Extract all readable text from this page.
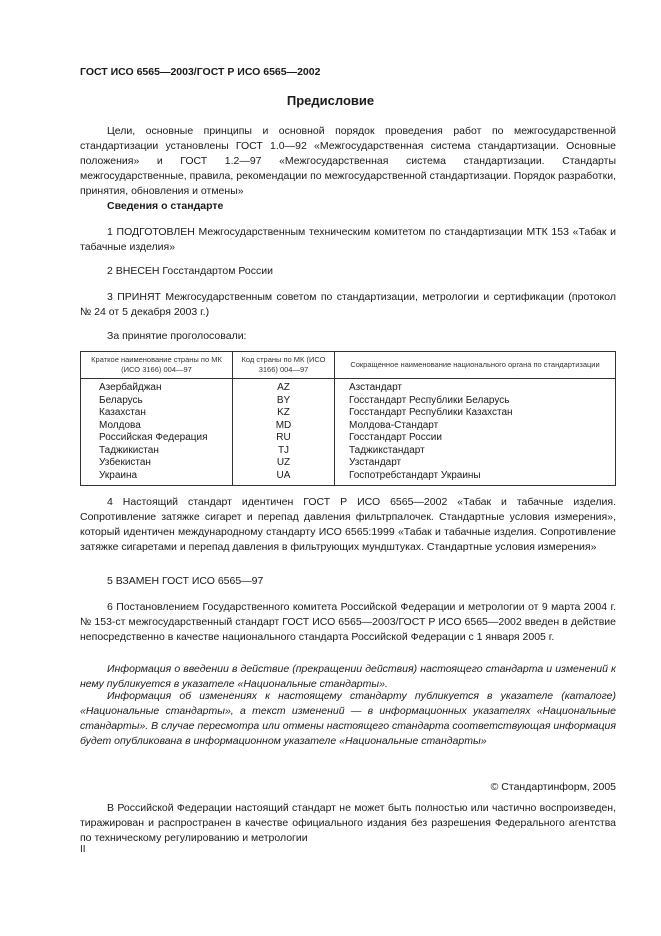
ГОСТ ИСО 6565—2003/ГОСТ Р ИСО 6565—2002
Предисловие

Цели, основные принципы и основной порядок проведения работ по межгосударственной стандартизации установлены ГОСТ 1.0—92 «Межгосударственная система стандартизации. Основные положения» и ГОСТ 1.2—97 «Межгосударственная система стандартизации. Стандарты межгосударственные, правила, рекомендации по межгосударственной стандартизации. Порядок разработки, принятия, обновления и отмены»

Сведения о стандарте

1 ПОДГОТОВЛЕН Межгосударственным техническим комитетом по стандартизации МТК 153 «Табак и табачные изделия»

2 ВНЕСЕН Госстандартом России

3 ПРИНЯТ Межгосударственным советом по стандартизации, метрологии и сертификации (протокол № 24 от 5 декабря 2003 г.)

За принятие проголосовали:

Краткое наименование страны по МК (ИСО 3166) 004—97	Код страны по МК (ИСО 3166) 004—97	Сокращенное наименование национального органа по стандартизации
Азербайджан	AZ	Азстандарт
Беларусь	BY	Госстандарт Республики Беларусь
Казахстан	KZ	Госстандарт Республики Казахстан
Молдова	MD	Молдова-Стандарт
Российская Федерация	RU	Госстандарт России
Таджикистан	TJ	Таджикстандарт
Узбекистан	UZ	Узстандарт
Украина	UA	Госпотребстандарт Украины

4 Настоящий стандарт идентичен ГОСТ Р ИСО 6565—2002 «Табак и табачные изделия. Сопротивление затяжке сигарет и перепад давления фильтрпалочек. Стандартные условия измерения», который идентичен международному стандарту ИСО 6565:1999 «Табак и табачные изделия. Сопротивление затяжке сигаретами и перепад давления в фильтрующих мундштуках. Стандартные условия измерения»

5 ВЗАМЕН ГОСТ ИСО 6565—97

6 Постановлением Государственного комитета Российской Федерации и метрологии от 9 марта 2004 г. № 153-ст межгосударственный стандарт ГОСТ ИСО 6565—2003/ГОСТ Р ИСО 6565—2002 введен в действие непосредственно в качестве национального стандарта Российской Федерации с 1 января 2005 г.

Информация о введении в действие (прекращении действия) настоящего стандарта и изменений к нему публикуется в указателе «Национальные стандарты».

Информация об изменениях к настоящему стандарту публикуется в указателе (каталоге) «Национальные стандарты», а текст изменений — в информационных указателях «Национальные стандарты». В случае пересмотра или отмены настоящего стандарта соответствующая информация будет опубликована в информационном указателе «Национальные стандарты»

© Стандартинформ, 2005

В Российской Федерации настоящий стандарт не может быть полностью или частично воспроизведен, тиражирован и распространен в качестве официального издания без разрешения Федерального агентства по техническому регулированию и метрологии

II
